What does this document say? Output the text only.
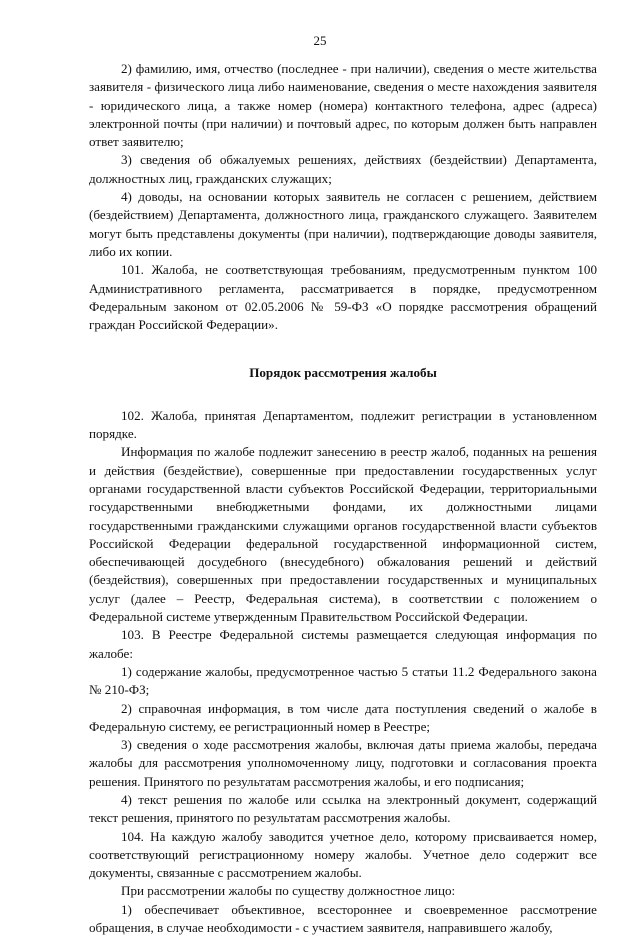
25

2) фамилию, имя, отчество (последнее - при наличии), сведения о месте жительства заявителя - физического лица либо наименование, сведения о месте нахождения заявителя - юридического лица, а также номер (номера) контактного телефона, адрес (адреса) электронной почты (при наличии) и почтовый адрес, по которым должен быть направлен ответ заявителю;

3) сведения об обжалуемых решениях, действиях (бездействии) Департамента, должностных лиц, гражданских служащих;

4) доводы, на основании которых заявитель не согласен с решением, действием (бездействием) Департамента, должностного лица, гражданского служащего. Заявителем могут быть представлены документы (при наличии), подтверждающие доводы заявителя, либо их копии.

101. Жалоба, не соответствующая требованиям, предусмотренным пунктом 100 Административного регламента, рассматривается в порядке, предусмотренном Федеральным законом от 02.05.2006 № 59-ФЗ «О порядке рассмотрения обращений граждан Российской Федерации».

Порядок рассмотрения жалобы

102. Жалоба, принятая Департаментом, подлежит регистрации в установленном порядке.

Информация по жалобе подлежит занесению в реестр жалоб, поданных на решения и действия (бездействие), совершенные при предоставлении государственных услуг органами государственной власти субъектов Российской Федерации, территориальными государственными внебюджетными фондами, их должностными лицами государственными гражданскими служащими органов государственной власти субъектов Российской Федерации федеральной государственной информационной систем, обеспечивающей досудебного (внесудебного) обжалования решений и действий (бездействия), совершенных при предоставлении государственных и муниципальных услуг (далее – Реестр, Федеральная система), в соответствии с положением о Федеральной системе утвержденным Правительством Российской Федерации.

103. В Реестре Федеральной системы размещается следующая информация по жалобе:

1) содержание жалобы, предусмотренное частью 5 статьи 11.2 Федерального закона № 210-ФЗ;

2) справочная информация, в том числе дата поступления сведений о жалобе в Федеральную систему, ее регистрационный номер в Реестре;

3) сведения о ходе рассмотрения жалобы, включая даты приема жалобы, передача жалобы для рассмотрения уполномоченному лицу, подготовки и согласования проекта решения. Принятого по результатам рассмотрения жалобы, и его подписания;

4) текст решения по жалобе или ссылка на электронный документ, содержащий текст решения, принятого по результатам рассмотрения жалобы.

104. На каждую жалобу заводится учетное дело, которому присваивается номер, соответствующий регистрационному номеру жалобы. Учетное дело содержит все документы, связанные с рассмотрением жалобы.

При рассмотрении жалобы по существу должностное лицо:

1) обеспечивает объективное, всестороннее и своевременное рассмотрение обращения, в случае необходимости - с участием заявителя, направившего жалобу,
